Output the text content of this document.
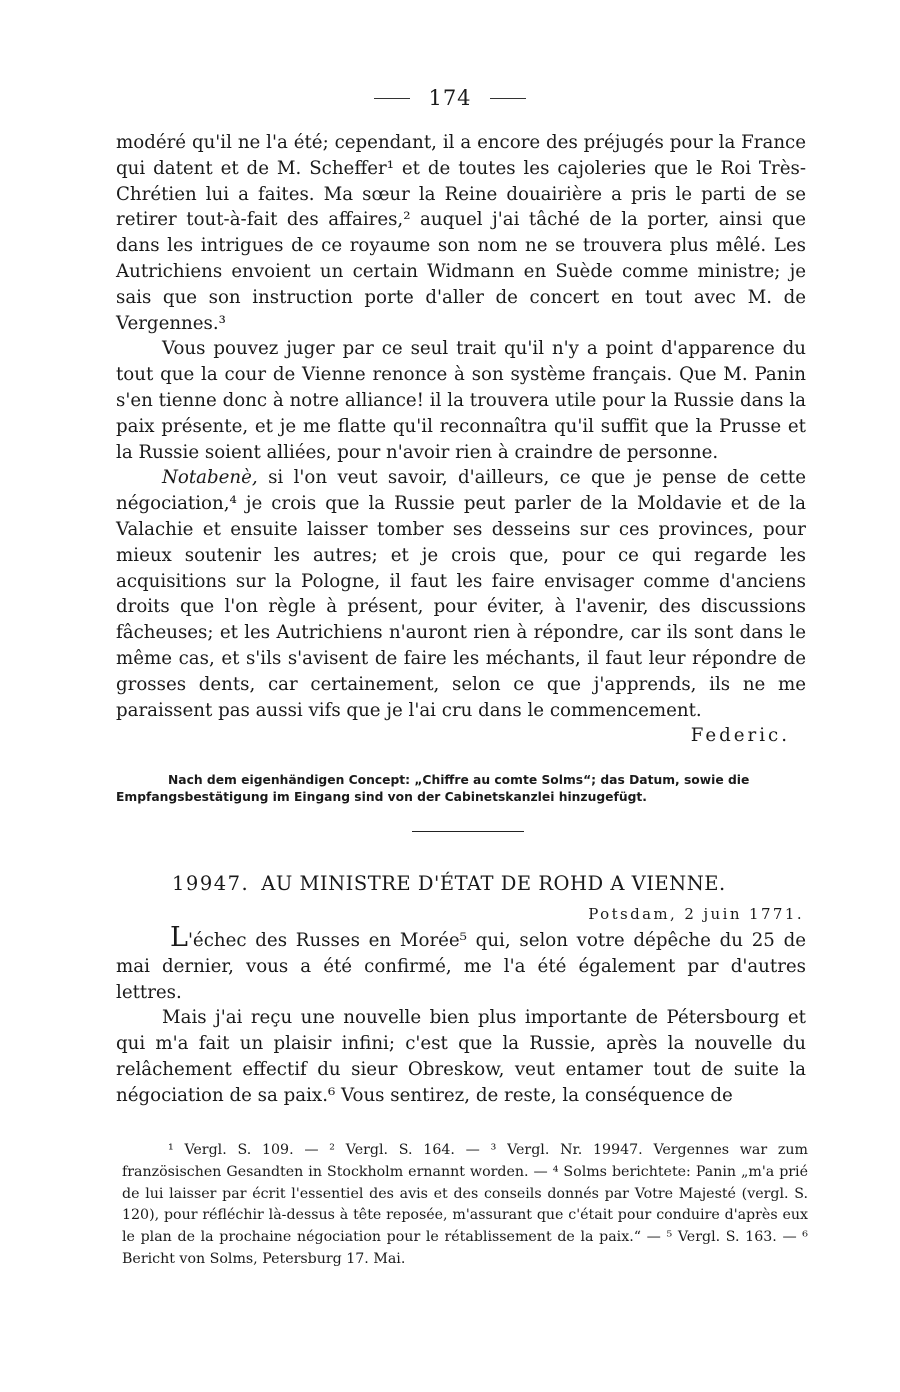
174

modéré qu'il ne l'a été; cependant, il a encore des préjugés pour la France qui datent et de M. Scheffer¹ et de toutes les cajoleries que le Roi Très-Chrétien lui a faites. Ma sœur la Reine douairière a pris le parti de se retirer tout-à-fait des affaires,² auquel j'ai tâché de la porter, ainsi que dans les intrigues de ce royaume son nom ne se trouvera plus mêlé. Les Autrichiens envoient un certain Widmann en Suède comme ministre; je sais que son instruction porte d'aller de concert en tout avec M. de Vergennes.³

Vous pouvez juger par ce seul trait qu'il n'y a point d'apparence du tout que la cour de Vienne renonce à son système français. Que M. Panin s'en tienne donc à notre alliance! il la trouvera utile pour la Russie dans la paix présente, et je me flatte qu'il reconnaîtra qu'il suffit que la Prusse et la Russie soient alliées, pour n'avoir rien à craindre de personne.

Notabenè, si l'on veut savoir, d'ailleurs, ce que je pense de cette négociation,⁴ je crois que la Russie peut parler de la Moldavie et de la Valachie et ensuite laisser tomber ses desseins sur ces provinces, pour mieux soutenir les autres; et je crois que, pour ce qui regarde les acquisitions sur la Pologne, il faut les faire envisager comme d'anciens droits que l'on règle à présent, pour éviter, à l'avenir, des discussions fâcheuses; et les Autrichiens n'auront rien à répondre, car ils sont dans le même cas, et s'ils s'avisent de faire les méchants, il faut leur répondre de grosses dents, car certainement, selon ce que j'apprends, ils ne me paraissent pas aussi vifs que je l'ai cru dans le commencement.

Federic.

Nach dem eigenhändigen Concept: „Chiffre au comte Solms“; das Datum, sowie die Empfangsbestätigung im Eingang sind von der Cabinetskanzlei hinzugefügt.
19947. AU MINISTRE D'ÉTAT DE ROHD A VIENNE.
Potsdam, 2 juin 1771.

L'échec des Russes en Morée⁵ qui, selon votre dépêche du 25 de mai dernier, vous a été confirmé, me l'a été également par d'autres lettres.

Mais j'ai reçu une nouvelle bien plus importante de Pétersbourg et qui m'a fait un plaisir infini; c'est que la Russie, après la nouvelle du relâchement effectif du sieur Obreskow, veut entamer tout de suite la négociation de sa paix.⁶ Vous sentirez, de reste, la conséquence de

¹ Vergl. S. 109. — ² Vergl. S. 164. — ³ Vergl. Nr. 19947. Vergennes war zum französischen Gesandten in Stockholm ernannt worden. — ⁴ Solms berichtete: Panin „m'a prié de lui laisser par écrit l'essentiel des avis et des conseils donnés par Votre Majesté (vergl. S. 120), pour réfléchir là-dessus à tête reposée, m'assurant que c'était pour conduire d'après eux le plan de la prochaine négociation pour le rétablissement de la paix.“ — ⁵ Vergl. S. 163. — ⁶ Bericht von Solms, Petersburg 17. Mai.
